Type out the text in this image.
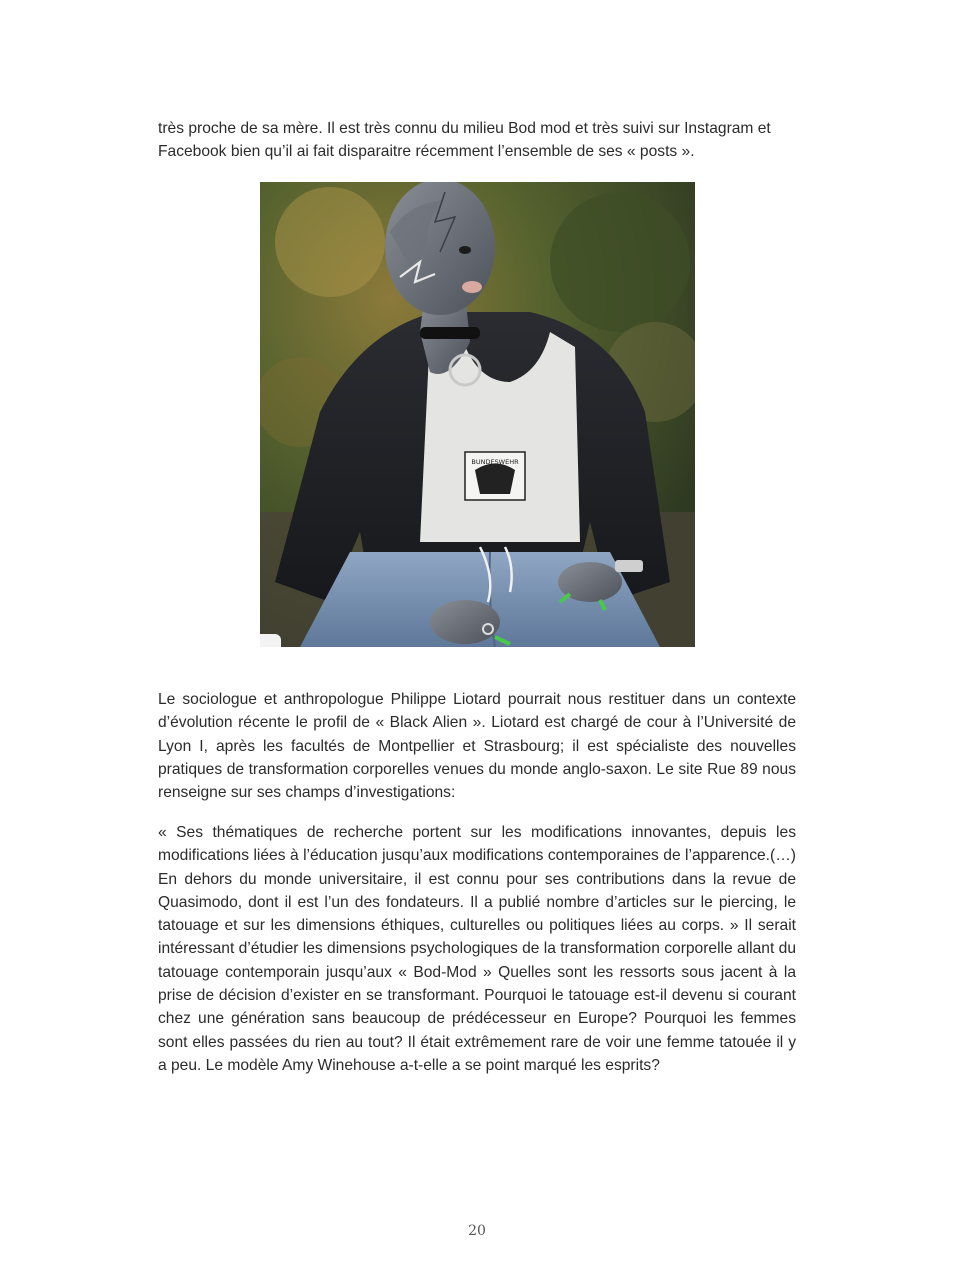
très proche de sa mère. Il est très connu du milieu Bod mod et très suivi sur Instagram et Facebook bien qu’il ai fait disparaitre récemment l’ensemble de ses « posts ».

BUNDESWEHR

Le sociologue et anthropologue Philippe Liotard pourrait nous restituer dans un contexte d’évolution récente le profil de « Black Alien ». Liotard est chargé de cour à l’Université de Lyon I, après les facultés de Montpellier et Strasbourg; il est spécialiste des nouvelles pratiques de transformation corporelles venues du monde anglo-saxon. Le site Rue 89 nous renseigne sur ses champs d’investigations:

« Ses thématiques de recherche portent sur les modifications innovantes, depuis les modifications liées à l’éducation jusqu’aux modifications contemporaines de l’apparence.(…) En dehors du monde universitaire, il est connu pour ses contributions dans la revue de Quasimodo, dont il est l’un des fondateurs. Il a publié nombre d’articles sur le piercing, le tatouage et sur les dimensions éthiques, culturelles ou politiques liées au corps. » Il serait intéressant d’étudier les dimensions psychologiques de la transformation corporelle allant du tatouage contemporain jusqu’aux « Bod-Mod » Quelles sont les ressorts sous jacent à la prise de décision d’exister en se transformant. Pourquoi le tatouage est-il devenu si courant chez une génération sans beaucoup de prédécesseur en Europe? Pourquoi les femmes sont elles passées du rien au tout? Il était extrêmement rare de voir une femme tatouée il y a peu. Le modèle Amy Winehouse a-t-elle a se point marqué les esprits?

20
